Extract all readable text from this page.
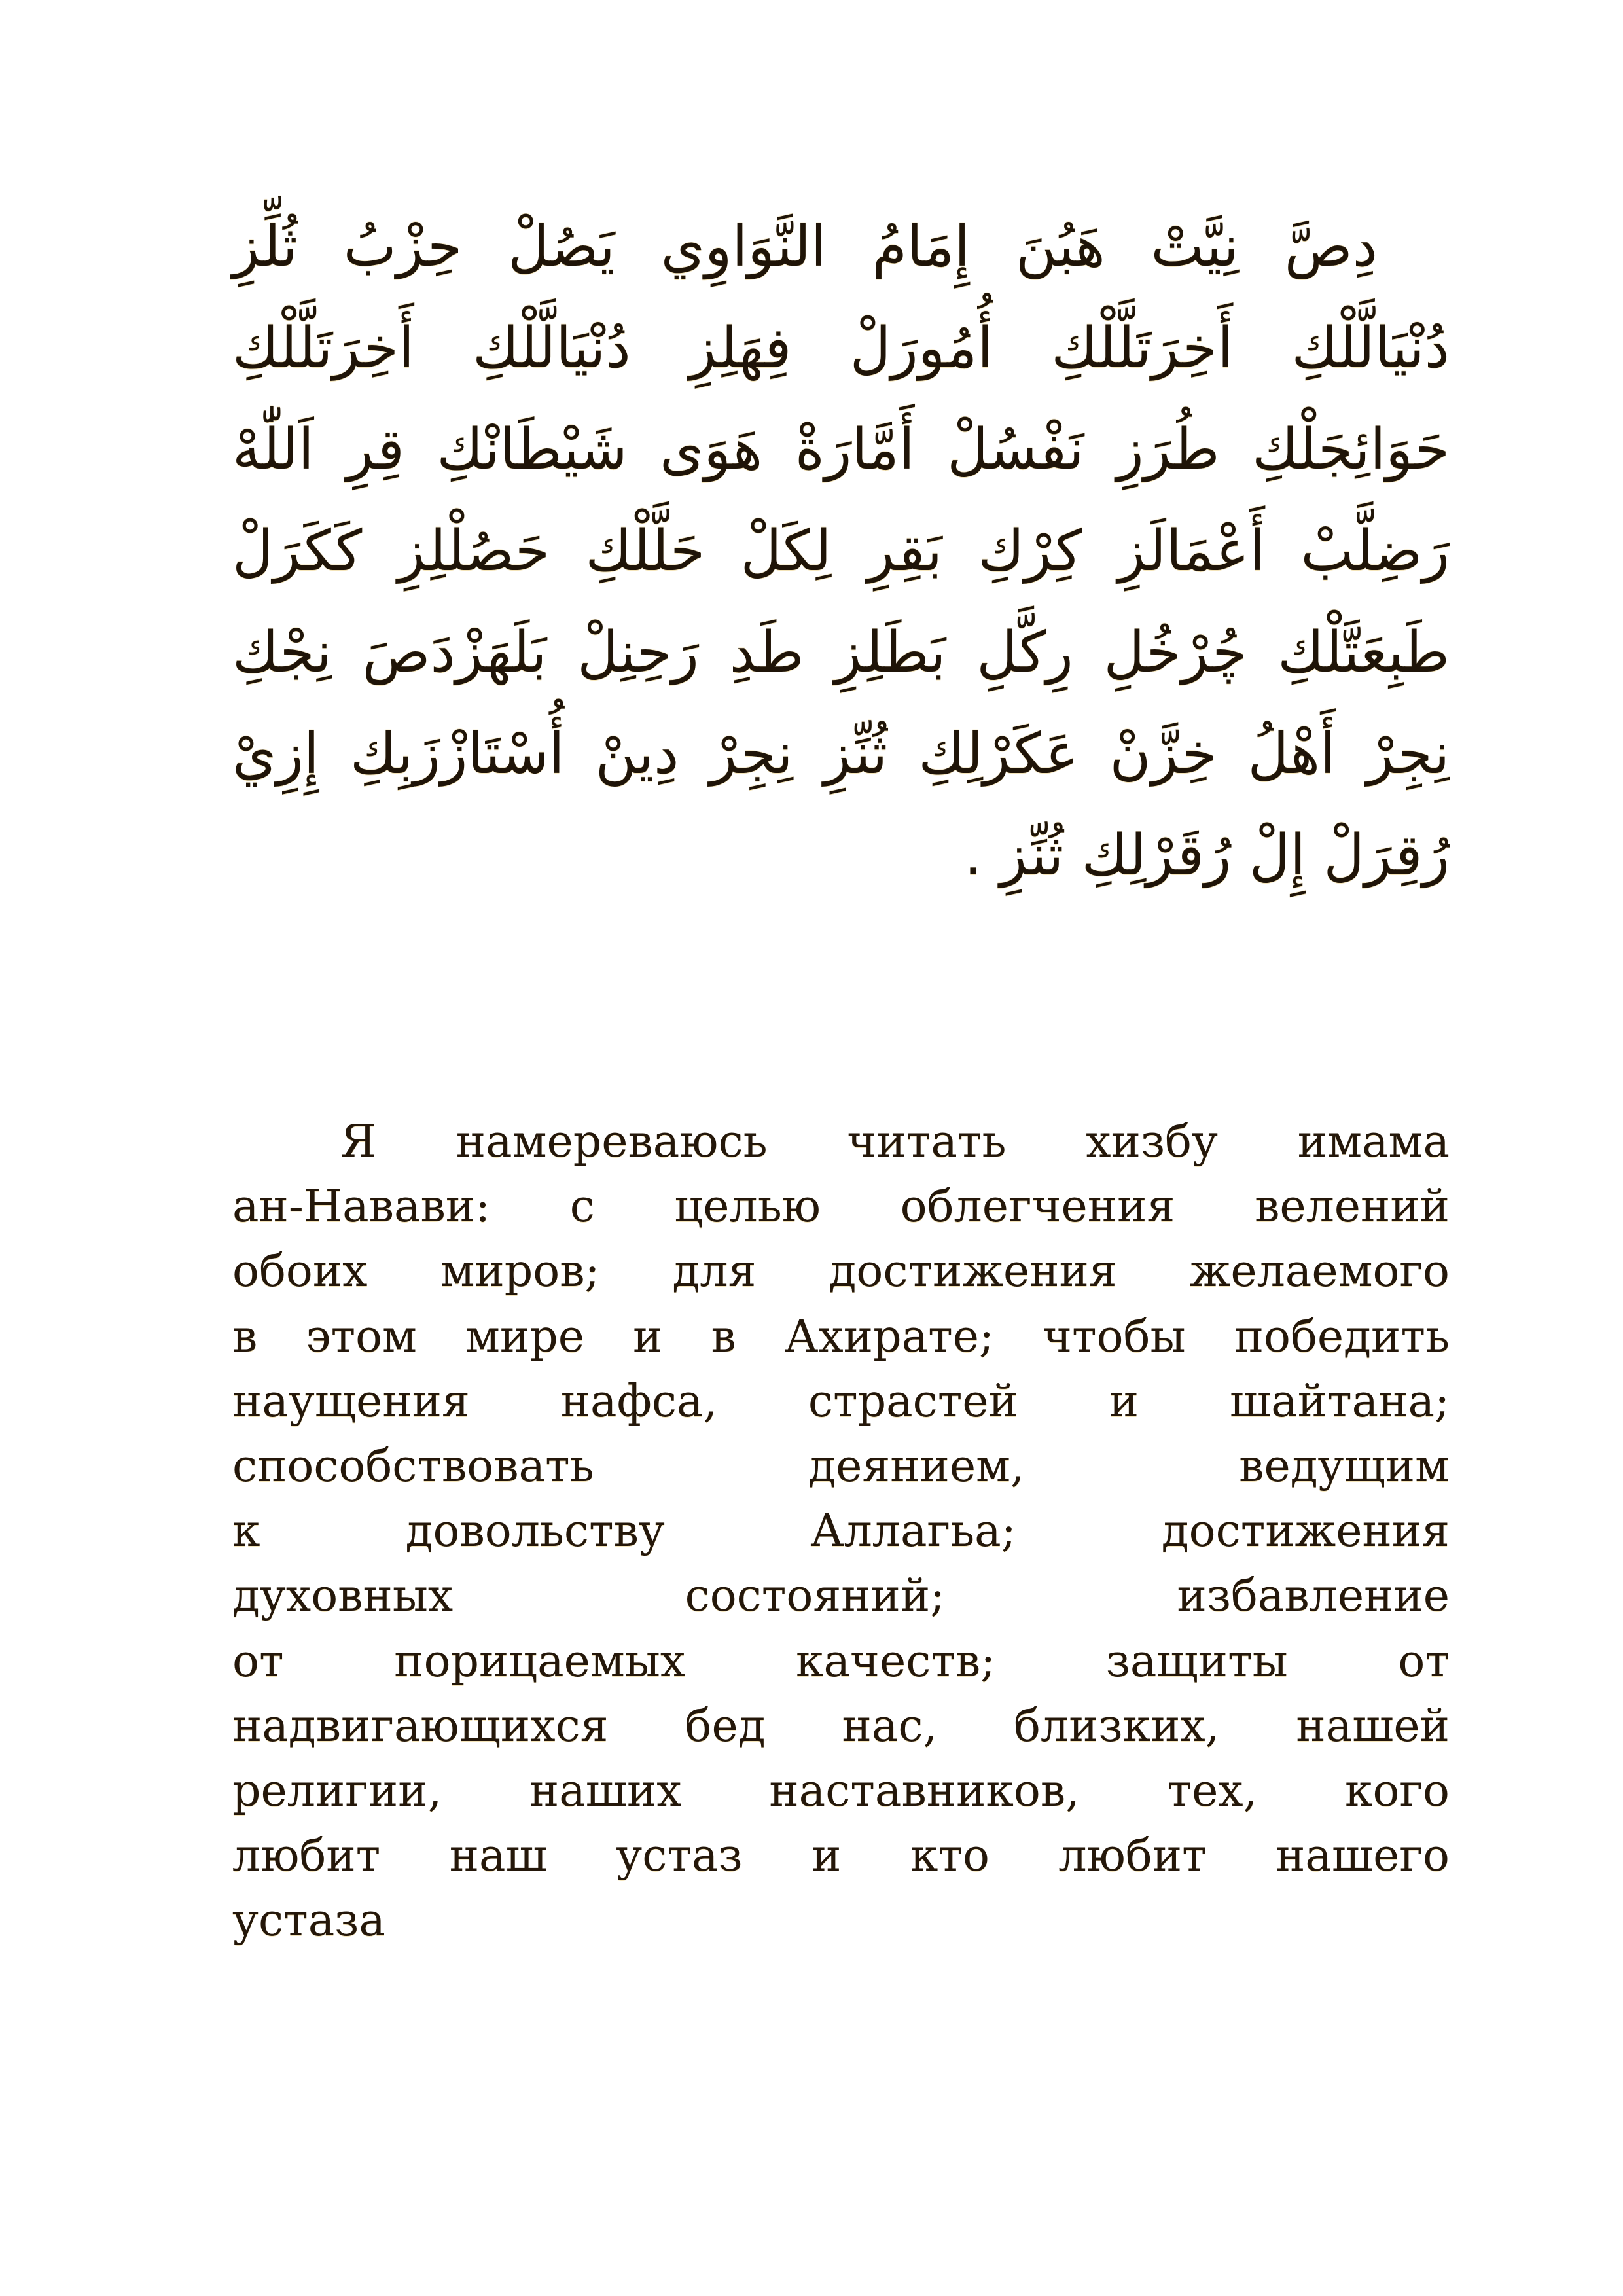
دِصَّ نِيَّتْ هَبُنَ إِمَامُ النَّوَاوِي يَصُلْ حِزْبُ ثُلِّزِ
دُنْيَالَّلْكِ أَخِرَتَلَّلْكِ أُمُورَلْ فِهَلِزِ دُنْيَالَّلْكِ أَخِرَتَلَّلْكِ
حَوَائِجَلْكِ طُرَزِ نَفْسُلْ أَمَّارَةْ هَوَى شَيْطَانْكِ قِرِ اَللّٰهْ
رَضِلَّبْ أَعْمَالَزِ كِرْكِ بَقِرِ لِكَلْ حَلَّلْكِ حَصُلْلِزِ كَكَرَلْ
طَبِعَتَّلْكِ چُرْخُلِ رِكَّلِ بَطَلِزِ طَدِ رَحِنِلْ بَلَهَزْدَصَ نِجْكِ
نِجِرْ أَهْلُ خِزَّنْ عَكَرْلِكِ ثُنِّزِ نِجِرْ دِينْ أُسْتَازْزَبِكِ إِزِيْ
رُقِرَلْ إِلْ رُقَرْلِكِ ثُنِّزِ .
Я намереваюсь читать хизбу имама
ан-Навави: с целью облегчения велений
обоих миров; для достижения желаемого
в этом мире и в Ахирате; чтобы победить
наущения нафса, страстей и шайтана;
способствовать деянием, ведущим
к довольству Аллагьа; достижения
духовных состояний; избавление
от порицаемых качеств; защиты от
надвигающихся бед нас, близких, нашей
религии, наших наставников, тех, кого
любит наш устаз и кто любит нашего
устаза
